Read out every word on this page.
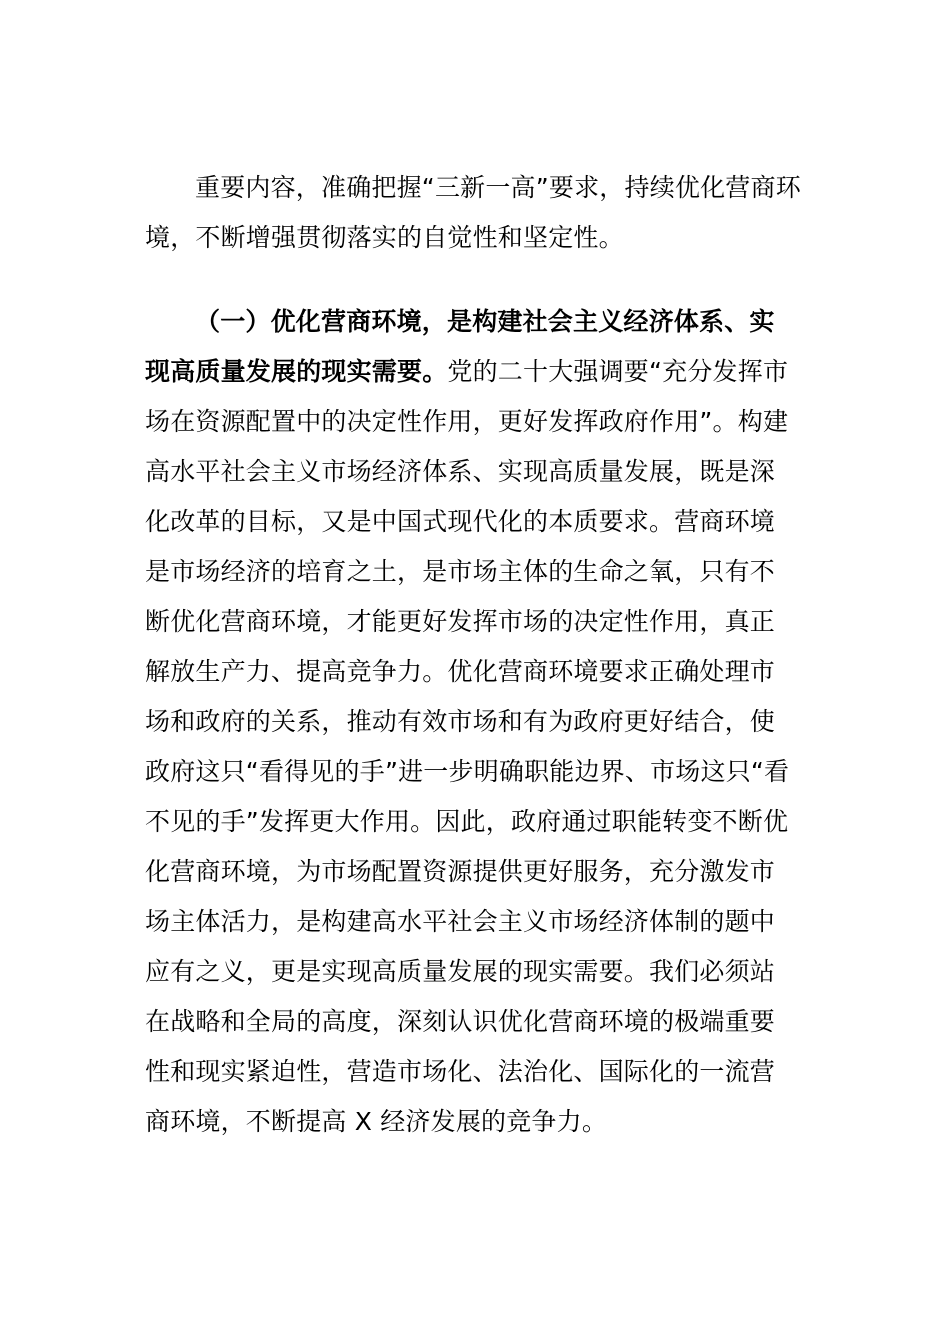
重要内容，准确把握“三新一高”要求，持续优化营商环
境，不断增强贯彻落实的自觉性和坚定性。
（一）优化营商环境，是构建社会主义经济体系、实
现高质量发展的现实需要。党的二十大强调要“充分发挥市
场在资源配置中的决定性作用，更好发挥政府作用”。构建
高水平社会主义市场经济体系、实现高质量发展，既是深
化改革的目标，又是中国式现代化的本质要求。营商环境
是市场经济的培育之土，是市场主体的生命之氧，只有不
断优化营商环境，才能更好发挥市场的决定性作用，真正
解放生产力、提高竞争力。优化营商环境要求正确处理市
场和政府的关系，推动有效市场和有为政府更好结合，使
政府这只“看得见的手”进一步明确职能边界、市场这只“看
不见的手”发挥更大作用。因此，政府通过职能转变不断优
化营商环境，为市场配置资源提供更好服务，充分激发市
场主体活力，是构建高水平社会主义市场经济体制的题中
应有之义，更是实现高质量发展的现实需要。我们必须站
在战略和全局的高度，深刻认识优化营商环境的极端重要
性和现实紧迫性，营造市场化、法治化、国际化的一流营
商环境，不断提高 X 经济发展的竞争力。
